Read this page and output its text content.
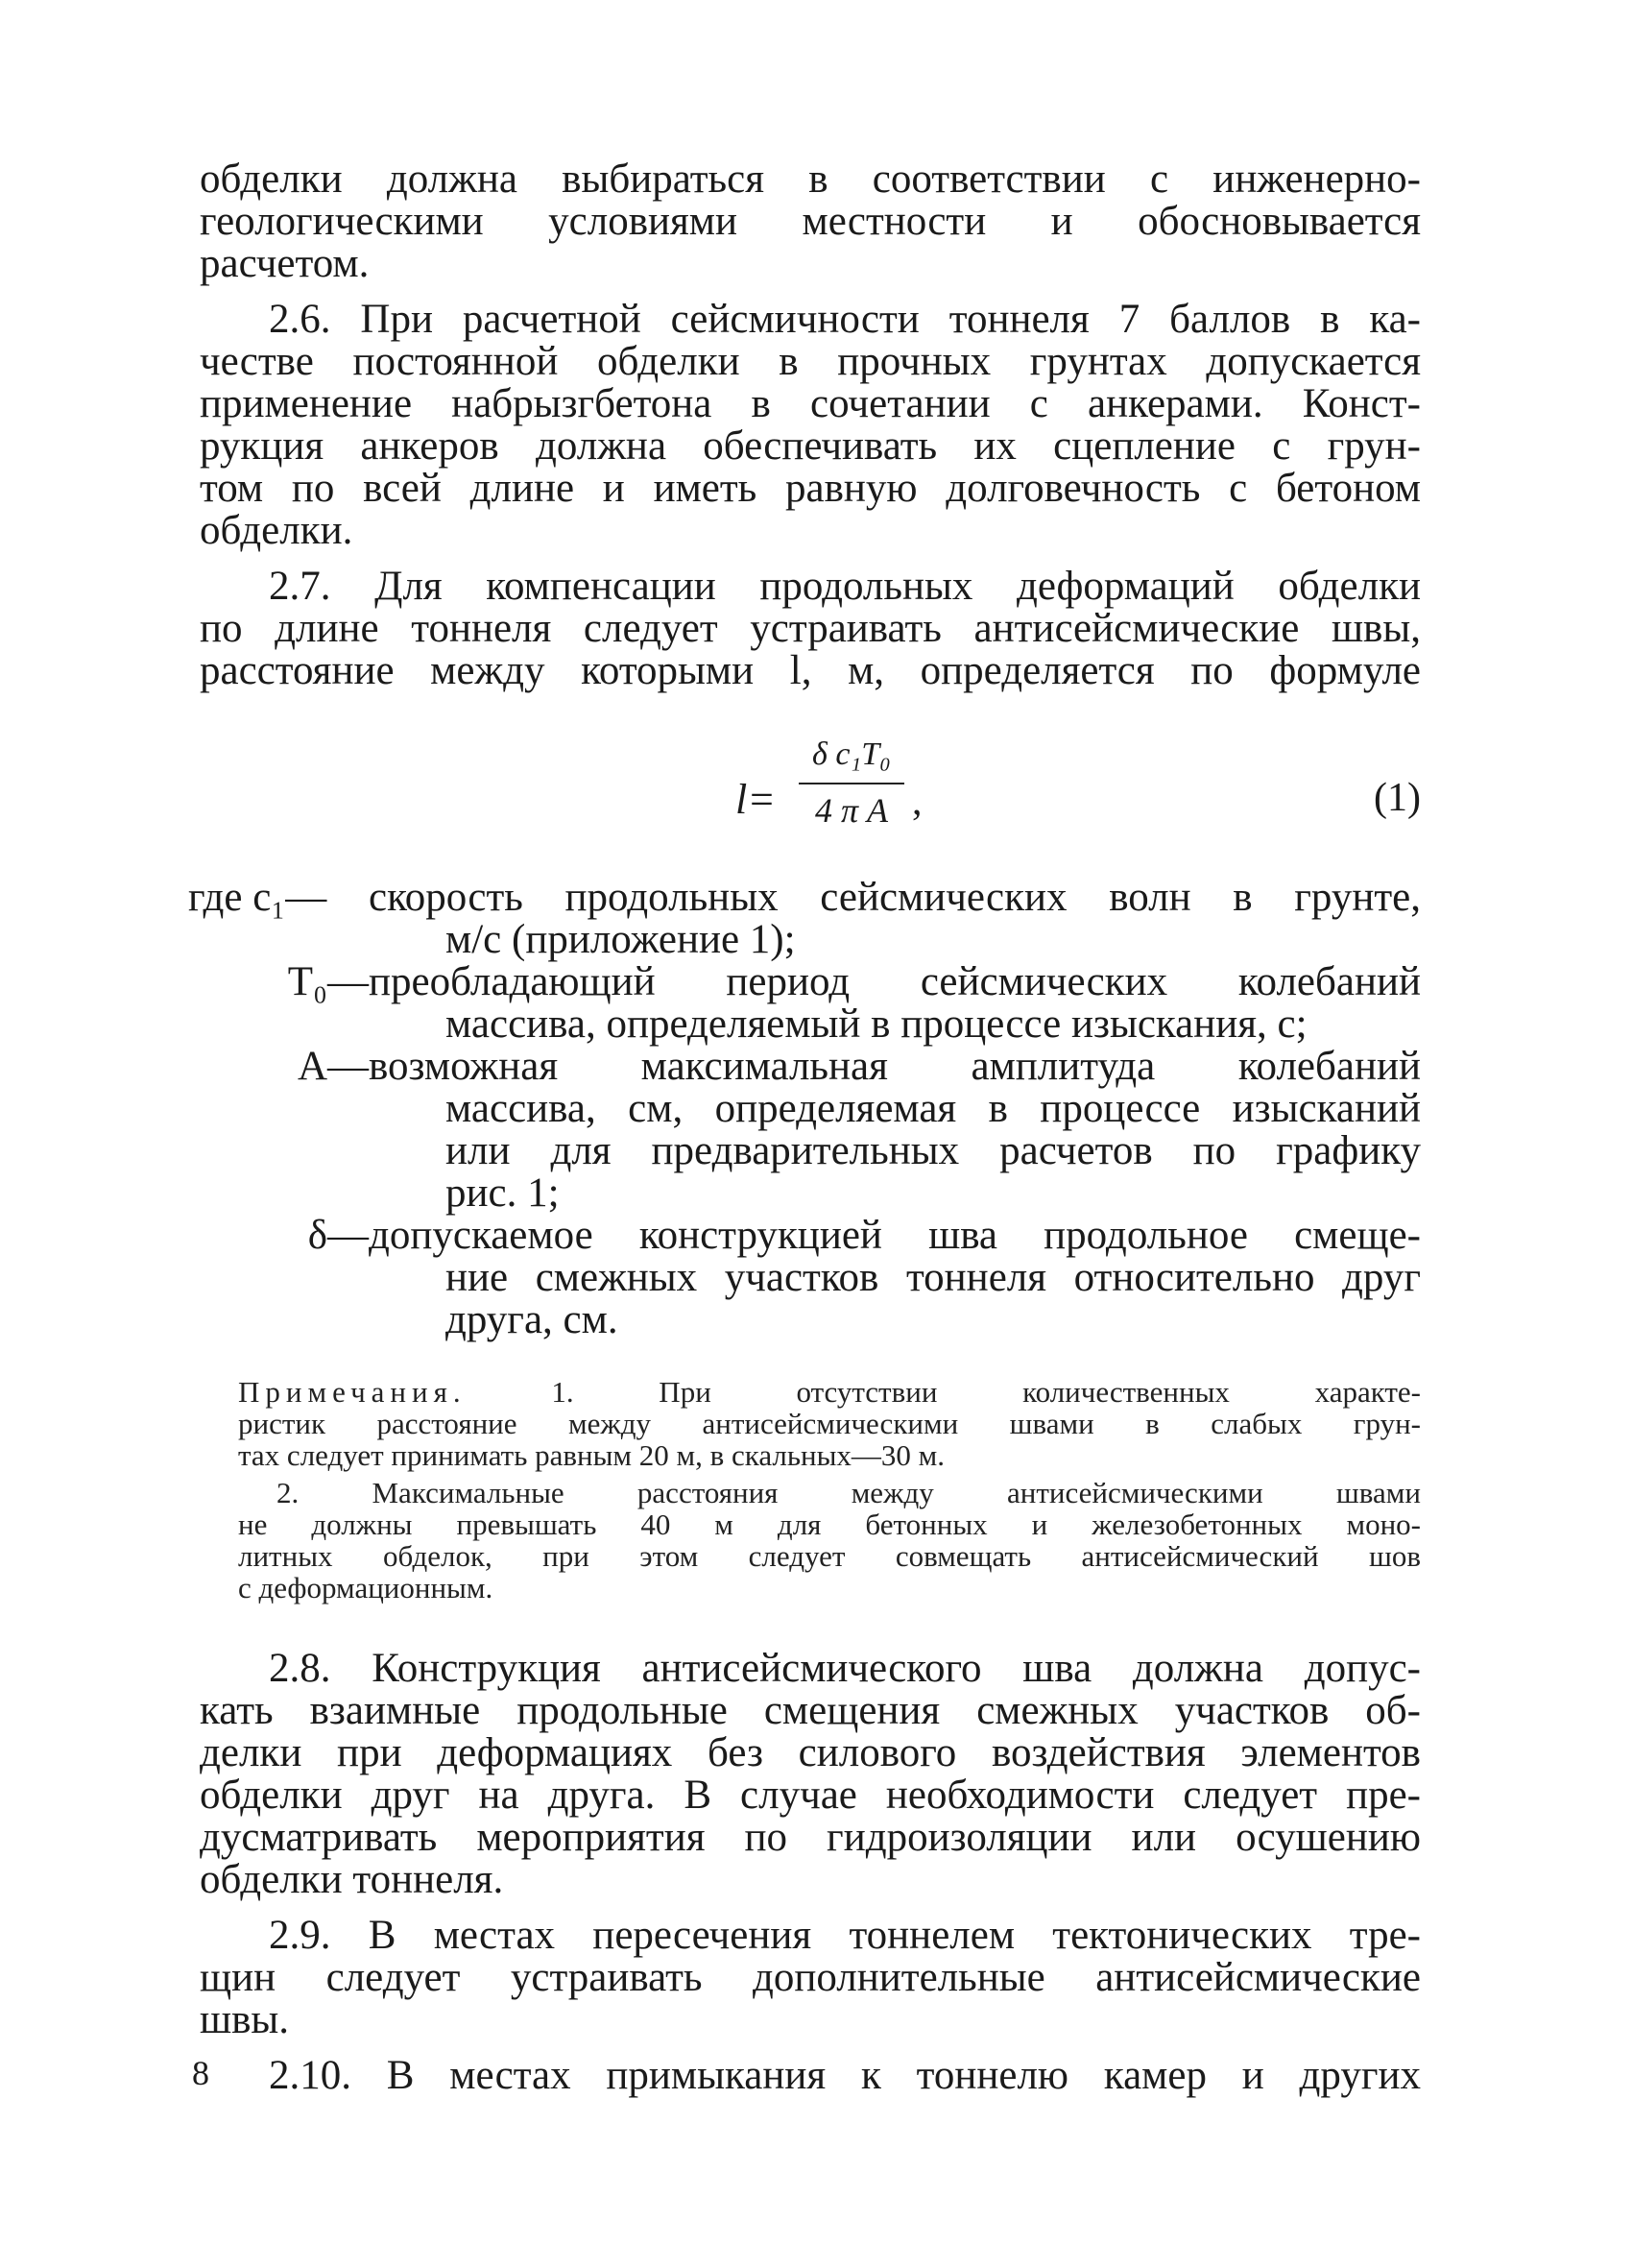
обделки должна выбираться в соответствии с инженерно-
геологическими условиями местности и обосновывается
расчетом.

2.6. При расчетной сейсмичности тоннеля 7 баллов в ка-
честве постоянной обделки в прочных грунтах допускается
применение набрызгбетона в сочетании с анкерами. Конст-
рукция анкеров должна обеспечивать их сцепление с грун-
том по всей длине и иметь равную долговечность с бетоном
обделки.

2.7. Для компенсации продольных деформаций обделки
по длине тоннеля следует устраивать антисейсмические швы,
расстояние между которыми l, м, определяется по формуле

l=
δ c₁T₀
4 π A ,	(1)
где c₁—	скорость продольных сейсмических волн в грунте,
м/с (приложение 1);
T₀— преобладающий период сейсмических колебаний
массива, определяемый в процессе изыскания, с;
A— возможная максимальная амплитуда колебаний
массива, см, определяемая в процессе изысканий
или для предварительных расчетов по графику
рис. 1;
δ— допускаемое конструкцией шва продольное смеще-
ние смежных участков тоннеля относительно друг
друга, см.
Примечания.	1. При отсутствии количественных характе-
ристик расстояние между антисейсмическими швами в слабых грун-
тах следует принимать равным 20 м, в скальных—30 м.
2. Максимальные расстояния между антисейсмическими швами
не должны превышать 40 м для бетонных и железобетонных моно-
литных обделок, при этом следует совмещать антисейсмический шов
с деформационным.

2.8. Конструкция антисейсмического шва должна допус-
кать взаимные продольные смещения смежных участков об-
делки при деформациях без силового воздействия элементов
обделки друг на друга. В случае необходимости следует пре-
дусматривать мероприятия по гидроизоляции или осушению
обделки тоннеля.

2.9. В местах пересечения тоннелем тектонических тре-
щин следует устраивать дополнительные антисейсмические
швы.

2.10. В местах примыкания к тоннелю камер и других

8
